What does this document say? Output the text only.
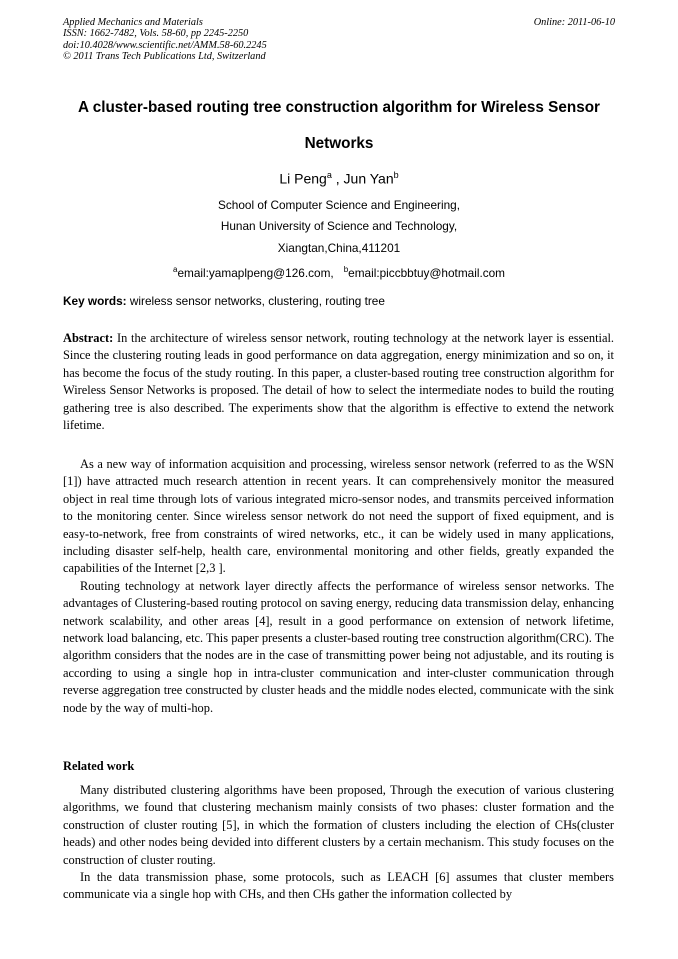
Applied Mechanics and Materials
ISSN: 1662-7482, Vols. 58-60, pp 2245-2250
doi:10.4028/www.scientific.net/AMM.58-60.2245
© 2011 Trans Tech Publications Ltd, Switzerland
Online: 2011-06-10
A cluster-based routing tree construction algorithm for Wireless Sensor
Networks
Li Peng$^a$ , Jun Yan$^b$
School of Computer Science and Engineering,
Hunan University of Science and Technology,
Xiangtan,China,411201
$^a$email:yamaplpeng@126.com, $^b$email:piccbbtuy@hotmail.com
Key words: wireless sensor networks, clustering, routing tree

Abstract: In the architecture of wireless sensor network, routing technology at the network layer is essential. Since the clustering routing leads in good performance on data aggregation, energy minimization and so on, it has become the focus of the study routing. In this paper, a cluster-based routing tree construction algorithm for Wireless Sensor Networks is proposed. The detail of how to select the intermediate nodes to build the routing gathering tree is also described. The experiments show that the algorithm is effective to extend the network lifetime.

As a new way of information acquisition and processing, wireless sensor network (referred to as the WSN [1]) have attracted much research attention in recent years. It can comprehensively monitor the measured object in real time through lots of various integrated micro-sensor nodes, and transmits perceived information to the monitoring center. Since wireless sensor network do not need the support of fixed equipment, and is easy-to-network, free from constraints of wired networks, etc., it can be widely used in many applications, including disaster self-help, health care, environmental monitoring and other fields, greatly expanded the capabilities of the Internet [2,3 ].

Routing technology at network layer directly affects the performance of wireless sensor networks. The advantages of Clustering-based routing protocol on saving energy, reducing data transmission delay, enhancing network scalability, and other areas [4], result in a good performance on extension of network lifetime, network load balancing, etc. This paper presents a cluster-based routing tree construction algorithm(CRC). The algorithm considers that the nodes are in the case of transmitting power being not adjustable, and its routing is according to using a single hop in intra-cluster communication and inter-cluster communication through reverse aggregation tree constructed by cluster heads and the middle nodes elected, communicate with the sink node by the way of multi-hop.

Related work

Many distributed clustering algorithms have been proposed, Through the execution of various clustering algorithms, we found that clustering mechanism mainly consists of two phases: cluster formation and the construction of cluster routing [5], in which the formation of clusters including the election of CHs(cluster heads) and other nodes being devided into different clusters by a certain mechanism. This study focuses on the construction of cluster routing.

In the data transmission phase, some protocols, such as LEACH [6] assumes that cluster members communicate via a single hop with CHs, and then CHs gather the information collected by
